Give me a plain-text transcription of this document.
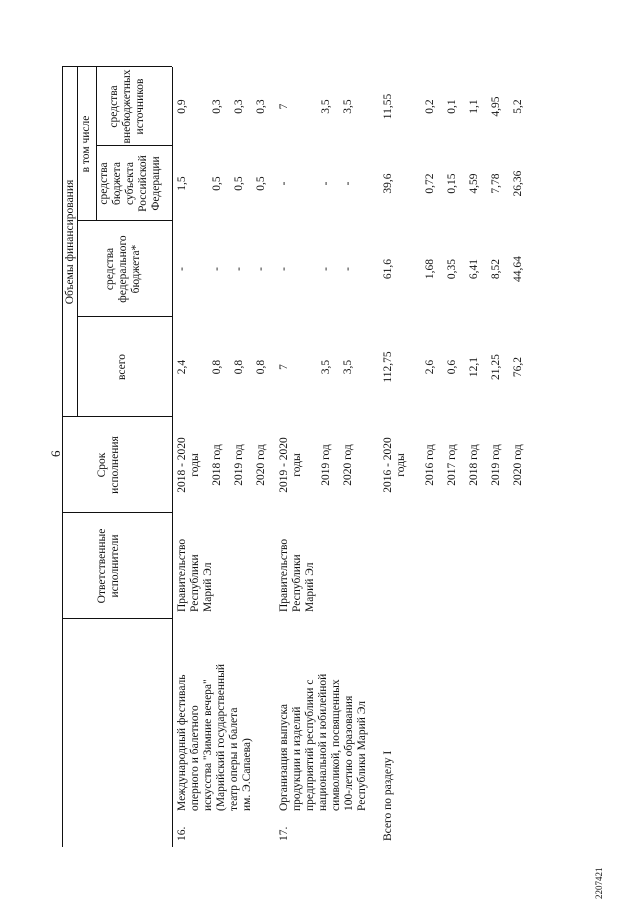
6
2207421
Ответственные
исполнители
Срок
исполнения
Объемы финансирования
всего
средства
федерального
бюджета*
в том числе
средства
бюджета
субъекта
Российской
Федерации
средства
внебюджетных
источников
16.
Международный фестиваль
оперного и балетного
искусства "Зимние вечера"
(Марийский государственный
театр оперы и балета
им. Э.Сапаева)
Правительство
Республики
Марий Эл
2018 - 2020
годы
2,4
-
1,5
0,9
2018 год
0,8
-
0,5
0,3
2019 год
0,8
-
0,5
0,3
2020 год
0,8
-
0,5
0,3
17.
Организация выпуска
продукции и изделий
предприятий республики с
национальной и юбилейной
символикой, посвященных
100-летию образования
Республики Марий Эл
Правительство
Республики
Марий Эл
2019 - 2020
годы
7
-
-
7
2019 год
3,5
-
-
3,5
2020 год
3,5
-
-
3,5
Всего по разделу I
2016 - 2020
годы
112,75
61,6
39,6
11,55
2016 год
2,6
1,68
0,72
0,2
2017 год
0,6
0,35
0,15
0,1
2018 год
12,1
6,41
4,59
1,1
2019 год
21,25
8,52
7,78
4,95
2020 год
76,2
44,64
26,36
5,2
